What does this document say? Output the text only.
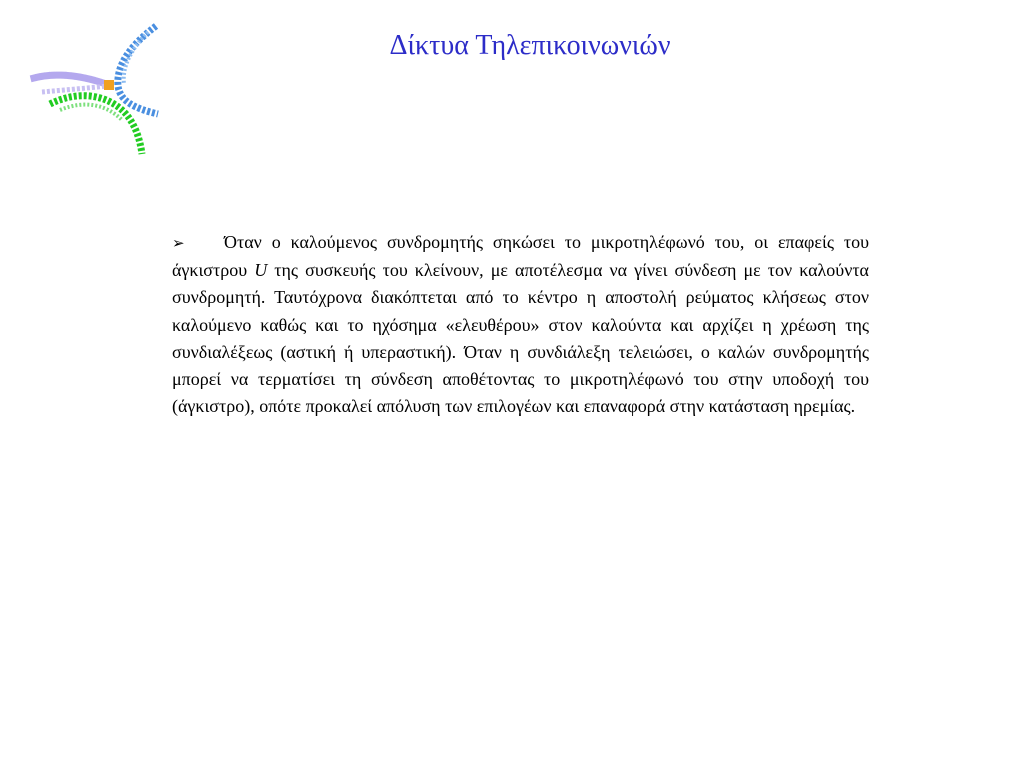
Δίκτυα Τηλεπικοινωνιών
➢ Όταν ο καλούμενος συνδρομητής σηκώσει το μικροτηλέφωνό του, οι επαφείς του άγκιστρου U της συσκευής του κλείνουν, με αποτέλεσμα να γίνει σύνδεση με τον καλούντα συνδρομητή. Ταυτόχρονα διακόπτεται από το κέντρο η αποστολή ρεύματος κλήσεως στον καλούμενο καθώς και το ηχόσημα «ελευθέρου» στον καλούντα και αρχίζει η χρέωση της συνδιαλέξεως (αστική ή υπεραστική). Όταν η συνδιάλεξη τελειώσει, ο καλών συνδρομητής μπορεί να τερματίσει τη σύνδεση αποθέτοντας το μικροτηλέφωνό του στην υποδοχή του (άγκιστρο), οπότε προκαλεί απόλυση των επιλογέων και επαναφορά στην κατάσταση ηρεμίας.
